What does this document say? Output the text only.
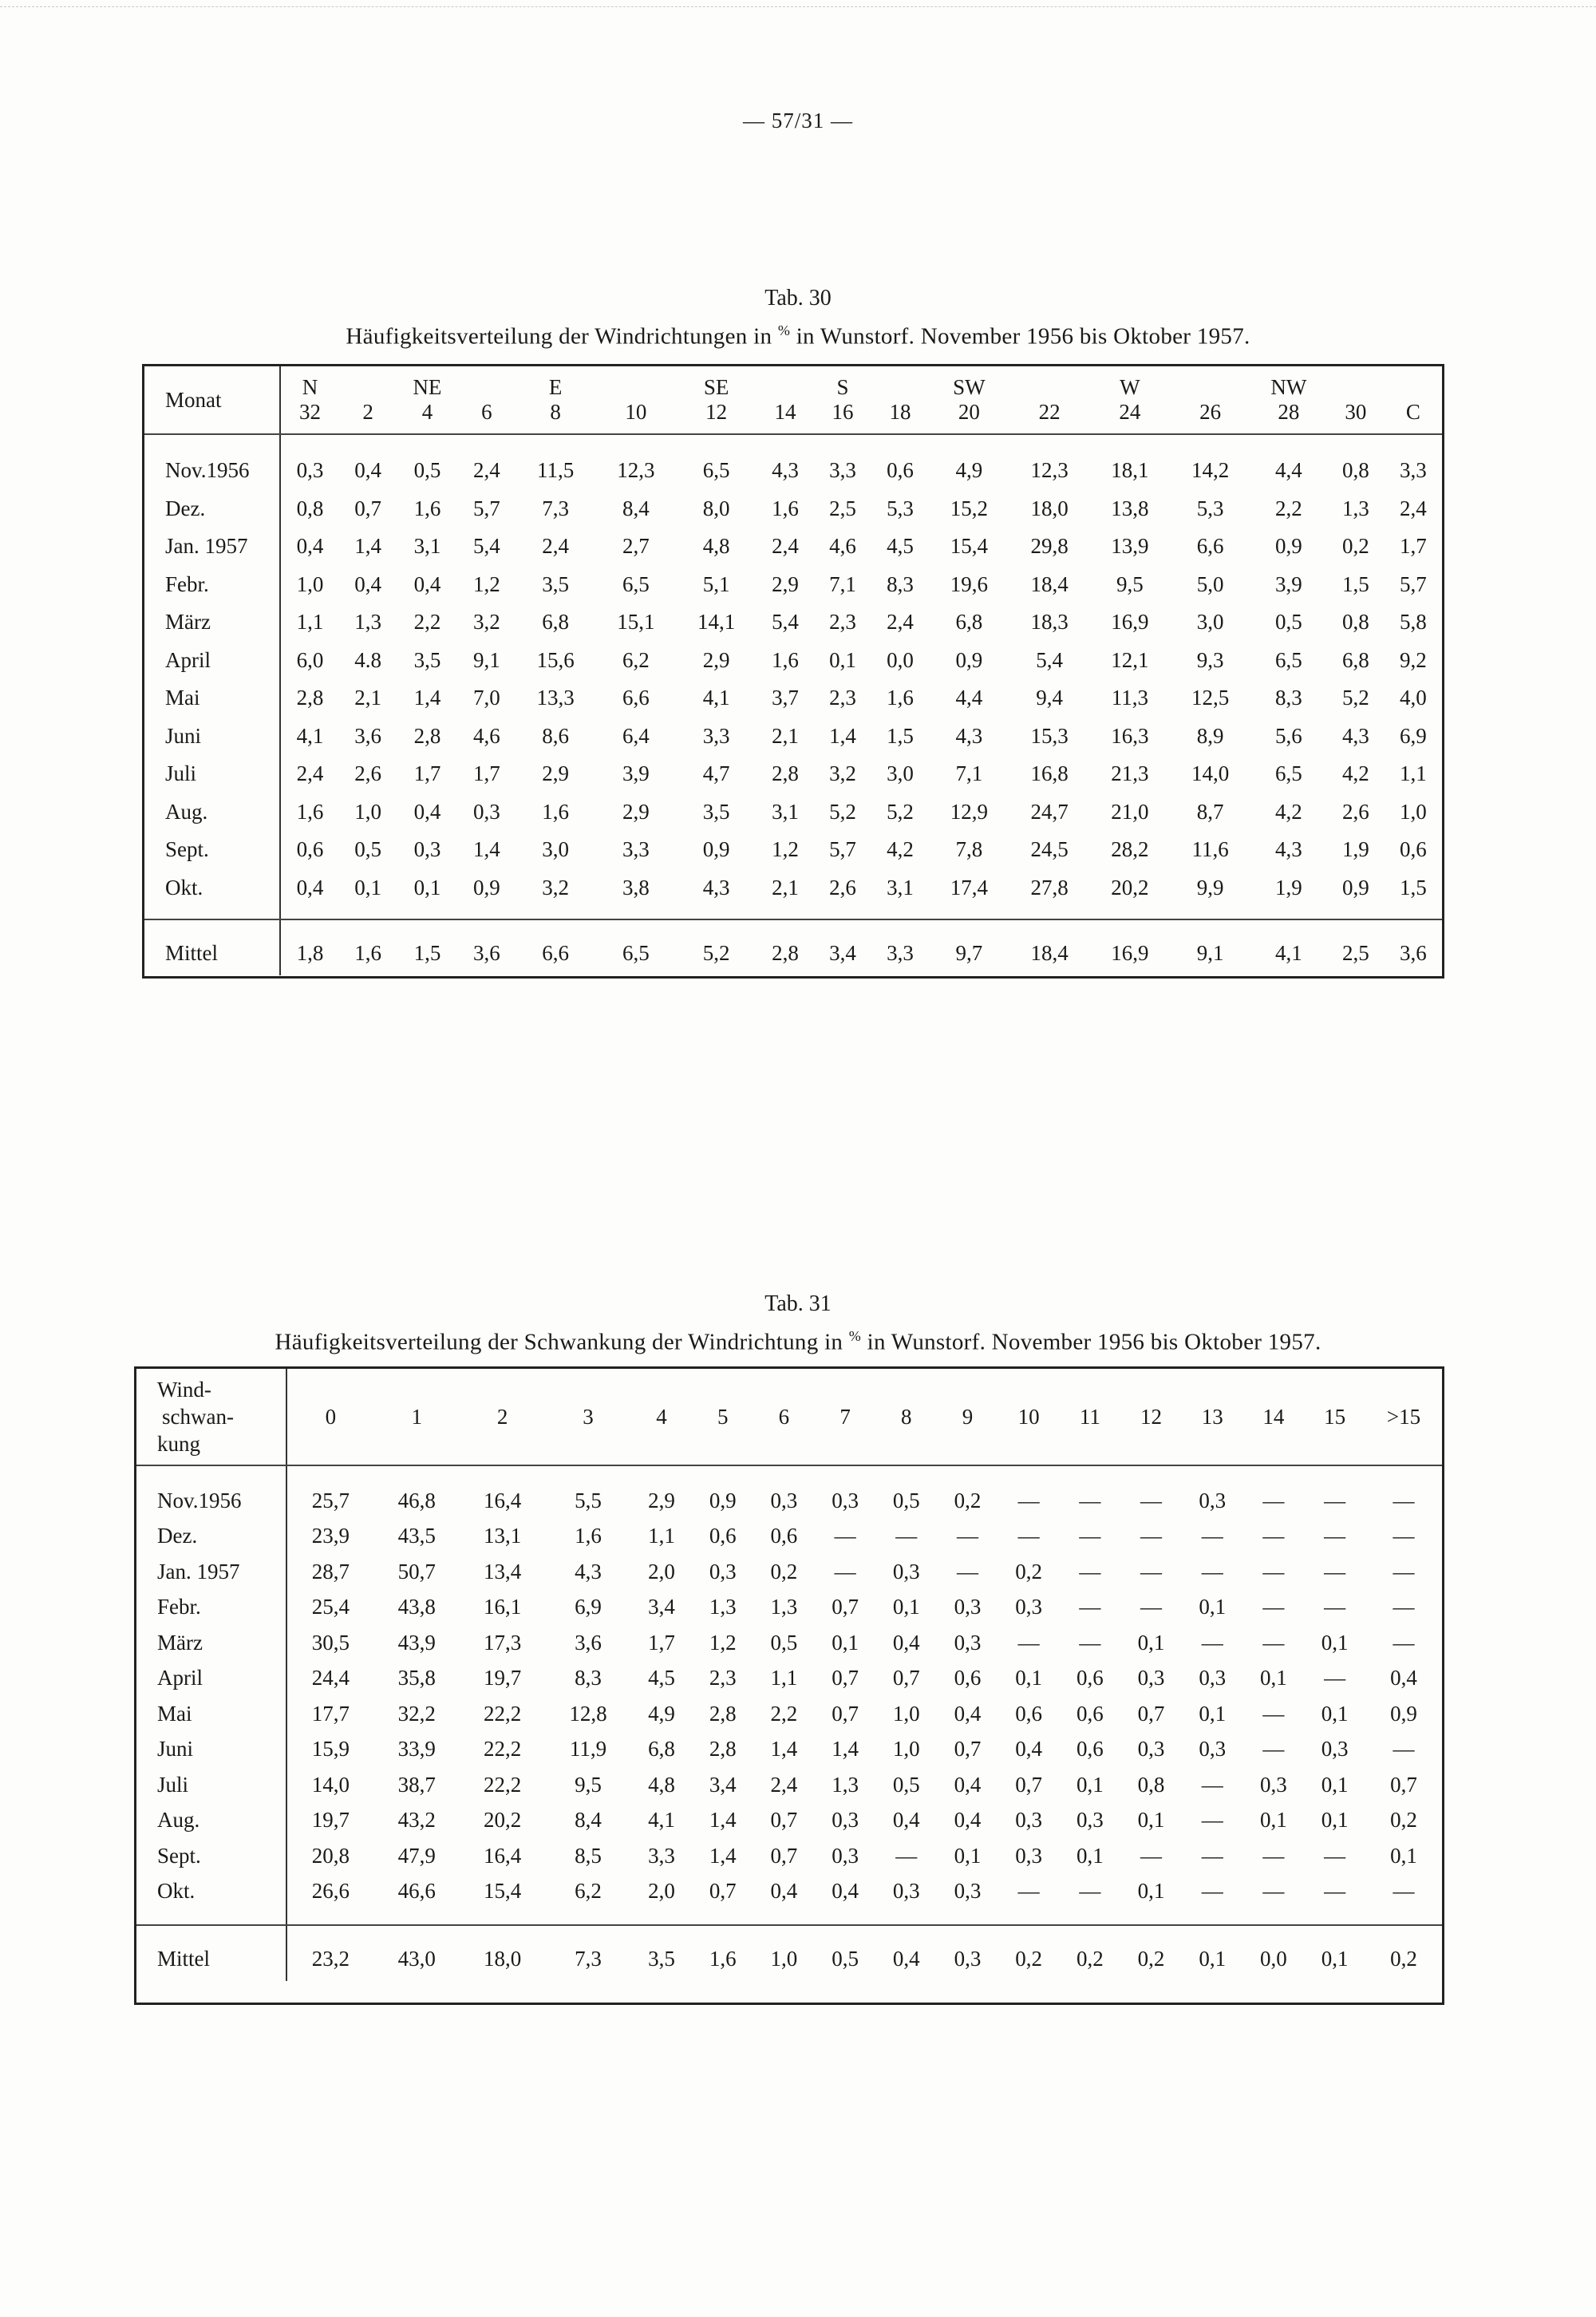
— 57/31 —
Tab. 30
Häufigkeitsverteilung der Windrichtungen in % in Wunstorf. November 1956 bis Oktober 1957.
Monat	N		NE		E		SE		S		SW		W		NW		
	32	2	4	6	8	10	12	14	16	18	20	22	24	26	28	30	C

Nov.1956	0,3	0,4	0,5	2,4	11,5	12,3	6,5	4,3	3,3	0,6	4,9	12,3	18,1	14,2	4,4	0,8	3,3
Dez.	0,8	0,7	1,6	5,7	7,3	8,4	8,0	1,6	2,5	5,3	15,2	18,0	13,8	5,3	2,2	1,3	2,4
Jan. 1957	0,4	1,4	3,1	5,4	2,4	2,7	4,8	2,4	4,6	4,5	15,4	29,8	13,9	6,6	0,9	0,2	1,7
Febr.	1,0	0,4	0,4	1,2	3,5	6,5	5,1	2,9	7,1	8,3	19,6	18,4	9,5	5,0	3,9	1,5	5,7
März	1,1	1,3	2,2	3,2	6,8	15,1	14,1	5,4	2,3	2,4	6,8	18,3	16,9	3,0	0,5	0,8	5,8
April	6,0	4.8	3,5	9,1	15,6	6,2	2,9	1,6	0,1	0,0	0,9	5,4	12,1	9,3	6,5	6,8	9,2
Mai	2,8	2,1	1,4	7,0	13,3	6,6	4,1	3,7	2,3	1,6	4,4	9,4	11,3	12,5	8,3	5,2	4,0
Juni	4,1	3,6	2,8	4,6	8,6	6,4	3,3	2,1	1,4	1,5	4,3	15,3	16,3	8,9	5,6	4,3	6,9
Juli	2,4	2,6	1,7	1,7	2,9	3,9	4,7	2,8	3,2	3,0	7,1	16,8	21,3	14,0	6,5	4,2	1,1
Aug.	1,6	1,0	0,4	0,3	1,6	2,9	3,5	3,1	5,2	5,2	12,9	24,7	21,0	8,7	4,2	2,6	1,0
Sept.	0,6	0,5	0,3	1,4	3,0	3,3	0,9	1,2	5,7	4,2	7,8	24,5	28,2	11,6	4,3	1,9	0,6
Okt.	0,4	0,1	0,1	0,9	3,2	3,8	4,3	2,1	2,6	3,1	17,4	27,8	20,2	9,9	1,9	0,9	1,5

Mittel	1,8	1,6	1,5	3,6	6,6	6,5	5,2	2,8	3,4	3,3	9,7	18,4	16,9	9,1	4,1	2,5	3,6
Tab. 31
Häufigkeitsverteilung der Schwankung der Windrichtung in % in Wunstorf. November 1956 bis Oktober 1957.
Wind-
schwan-
kung	0	1	2	3	4	5	6	7	8	9	10	11	12	13	14	15	>15

Nov.1956	25,7	46,8	16,4	5,5	2,9	0,9	0,3	0,3	0,5	0,2	—	—	—	0,3	—	—	—
Dez.	23,9	43,5	13,1	1,6	1,1	0,6	0,6	—	—	—	—	—	—	—	—	—	—
Jan. 1957	28,7	50,7	13,4	4,3	2,0	0,3	0,2	—	0,3	—	0,2	—	—	—	—	—	—
Febr.	25,4	43,8	16,1	6,9	3,4	1,3	1,3	0,7	0,1	0,3	0,3	—	—	0,1	—	—	—
März	30,5	43,9	17,3	3,6	1,7	1,2	0,5	0,1	0,4	0,3	—	—	0,1	—	—	0,1	—
April	24,4	35,8	19,7	8,3	4,5	2,3	1,1	0,7	0,7	0,6	0,1	0,6	0,3	0,3	0,1	—	0,4
Mai	17,7	32,2	22,2	12,8	4,9	2,8	2,2	0,7	1,0	0,4	0,6	0,6	0,7	0,1	—	0,1	0,9
Juni	15,9	33,9	22,2	11,9	6,8	2,8	1,4	1,4	1,0	0,7	0,4	0,6	0,3	0,3	—	0,3	—
Juli	14,0	38,7	22,2	9,5	4,8	3,4	2,4	1,3	0,5	0,4	0,7	0,1	0,8	—	0,3	0,1	0,7
Aug.	19,7	43,2	20,2	8,4	4,1	1,4	0,7	0,3	0,4	0,4	0,3	0,3	0,1	—	0,1	0,1	0,2
Sept.	20,8	47,9	16,4	8,5	3,3	1,4	0,7	0,3	—	0,1	0,3	0,1	—	—	—	—	0,1
Okt.	26,6	46,6	15,4	6,2	2,0	0,7	0,4	0,4	0,3	0,3	—	—	0,1	—	—	—	—

Mittel	23,2	43,0	18,0	7,3	3,5	1,6	1,0	0,5	0,4	0,3	0,2	0,2	0,2	0,1	0,0	0,1	0,2
